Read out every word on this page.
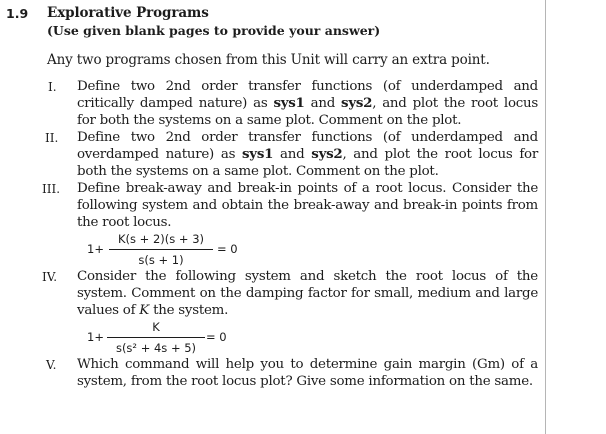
1.9 Explorative Programs
(Use given blank pages to provide your answer)
Any two programs chosen from this Unit will carry an extra point.
I. Define two 2nd order transfer functions (of underdamped and critically damped nature) as sys1 and sys2, and plot the root locus for both the systems on a same plot. Comment on the plot.
II. Define two 2nd order transfer functions (of underdamped and overdamped nature) as sys1 and sys2, and plot the root locus for both the systems on a same plot. Comment on the plot.
III. Define break-away and break-in points of a root locus. Consider the following system and obtain the break-away and break-in points from the root locus.
1+
K(s + 2)(s + 3)
s(s + 1)
= 0
IV. Consider the following system and sketch the root locus of the system. Comment on the damping factor for small, medium and large values of K the system.
1+
K
s(s² + 4s + 5)
= 0
V. Which command will help you to determine gain margin (Gm) of a system, from the root locus plot? Give some information on the same.
